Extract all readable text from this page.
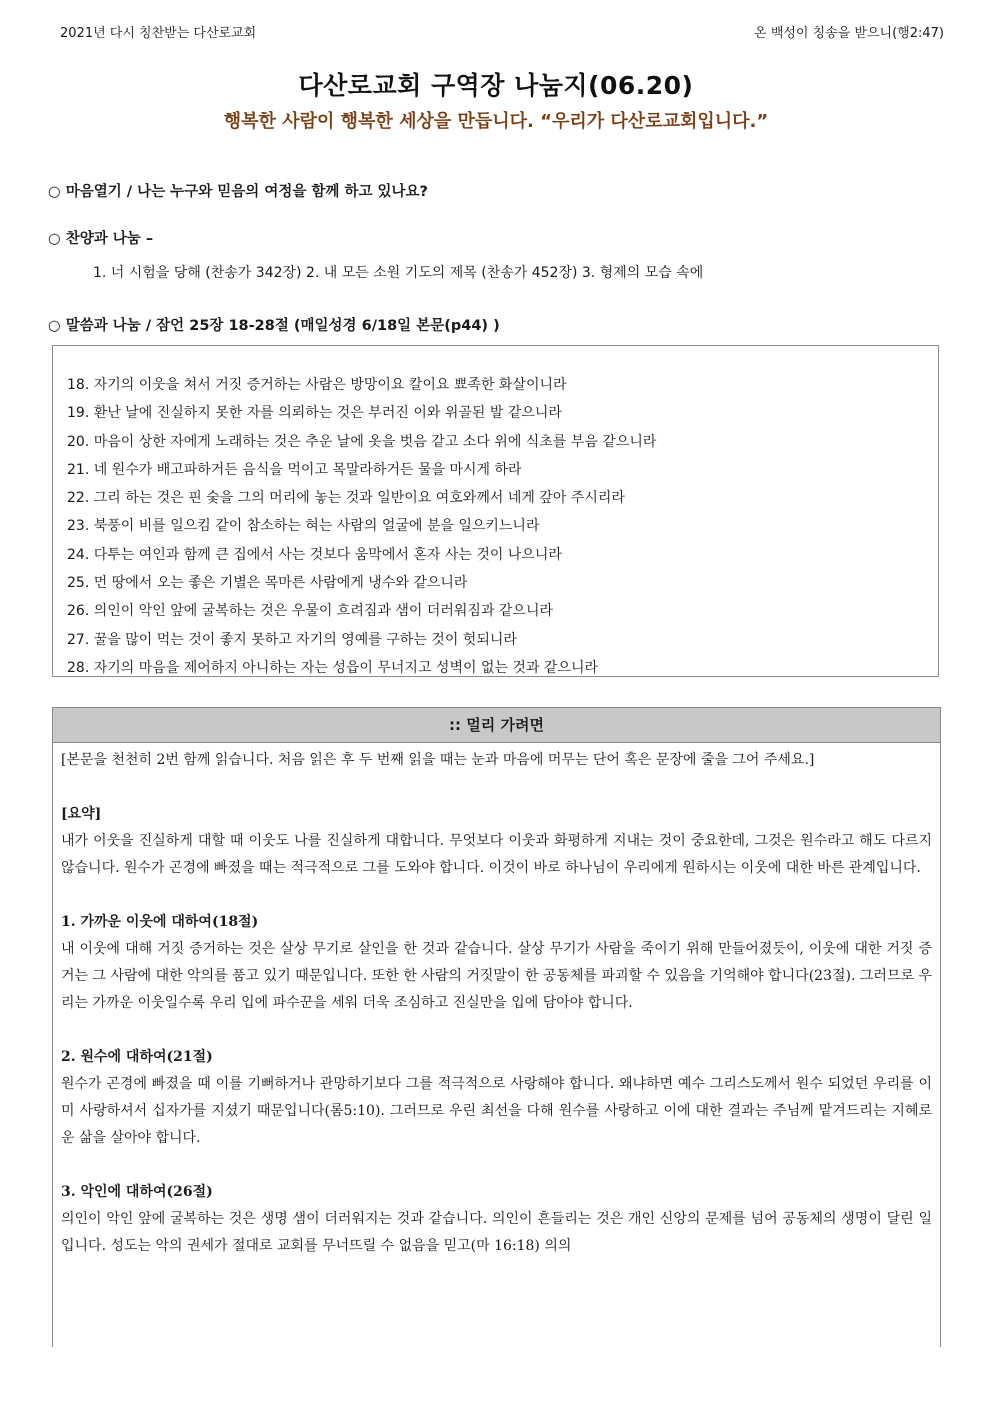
2021년 다시 칭찬받는 다산로교회	온 백성이 칭송을 받으니(행2:47)
다산로교회 구역장 나눔지(06.20)
행복한 사람이 행복한 세상을 만듭니다. “우리가 다산로교회입니다.”
○ 마음열기 / 나는 누구와 믿음의 여정을 함께 하고 있나요?
○ 찬양과 나눔 –
1. 너 시험을 당해 (찬송가 342장) 2. 내 모든 소원 기도의 제목 (찬송가 452장) 3. 형제의 모습 속에
○ 말씀과 나눔 / 잠언 25장 18-28절 (매일성경 6/18일 본문(p44) )
18. 자기의 이웃을 쳐서 거짓 증거하는 사람은 방망이요 칼이요 뾰족한 화살이니라
19. 환난 날에 진실하지 못한 자를 의뢰하는 것은 부러진 이와 위골된 발 같으니라
20. 마음이 상한 자에게 노래하는 것은 추운 날에 옷을 벗음 같고 소다 위에 식초를 부음 같으니라
21. 네 원수가 배고파하거든 음식을 먹이고 목말라하거든 물을 마시게 하라
22. 그리 하는 것은 핀 숯을 그의 머리에 놓는 것과 일반이요 여호와께서 네게 갚아 주시리라
23. 북풍이 비를 일으킴 같이 참소하는 혀는 사람의 얼굴에 분을 일으키느니라
24. 다투는 여인과 함께 큰 집에서 사는 것보다 움막에서 혼자 사는 것이 나으니라
25. 먼 땅에서 오는 좋은 기별은 목마른 사람에게 냉수와 같으니라
26. 의인이 악인 앞에 굴복하는 것은 우물이 흐려짐과 샘이 더러워짐과 같으니라
27. 꿀을 많이 먹는 것이 좋지 못하고 자기의 영예를 구하는 것이 헛되니라
28. 자기의 마음을 제어하지 아니하는 자는 성읍이 무너지고 성벽이 없는 것과 같으니라
:: 멀리 가려면

[본문을 천천히 2번 함께 읽습니다. 처음 읽은 후 두 번째 읽을 때는 눈과 마음에 머무는 단어 혹은 문장에 줄을 그어 주세요.]

[요약]

내가 이웃을 진실하게 대할 때 이웃도 나를 진실하게 대합니다. 무엇보다 이웃과 화평하게 지내는 것이 중요한데, 그것은 원수라고 해도 다르지 않습니다. 원수가 곤경에 빠졌을 때는 적극적으로 그를 도와야 합니다. 이것이 바로 하나님이 우리에게 원하시는 이웃에 대한 바른 관계입니다.

1. 가까운 이웃에 대하여(18절)

내 이웃에 대해 거짓 증거하는 것은 살상 무기로 살인을 한 것과 같습니다. 살상 무기가 사람을 죽이기 위해 만들어졌듯이, 이웃에 대한 거짓 증거는 그 사람에 대한 악의를 품고 있기 때문입니다. 또한 한 사람의 거짓말이 한 공동체를 파괴할 수 있음을 기억해야 합니다(23절). 그러므로 우리는 가까운 이웃일수록 우리 입에 파수꾼을 세워 더욱 조심하고 진실만을 입에 담아야 합니다.

2. 원수에 대하여(21절)

원수가 곤경에 빠졌을 때 이를 기뻐하거나 관망하기보다 그를 적극적으로 사랑해야 합니다. 왜냐하면 예수 그리스도께서 원수 되었던 우리를 이미 사랑하셔서 십자가를 지셨기 때문입니다(롬5:10). 그러므로 우린 최선을 다해 원수를 사랑하고 이에 대한 결과는 주님께 맡겨드리는 지혜로운 삶을 살아야 합니다.

3. 악인에 대하여(26절)

의인이 악인 앞에 굴복하는 것은 생명 샘이 더러워지는 것과 같습니다. 의인이 흔들리는 것은 개인 신앙의 문제를 넘어 공동체의 생명이 달린 일입니다. 성도는 악의 권세가 절대로 교회를 무너뜨릴 수 없음을 믿고(마 16:18) 의의
